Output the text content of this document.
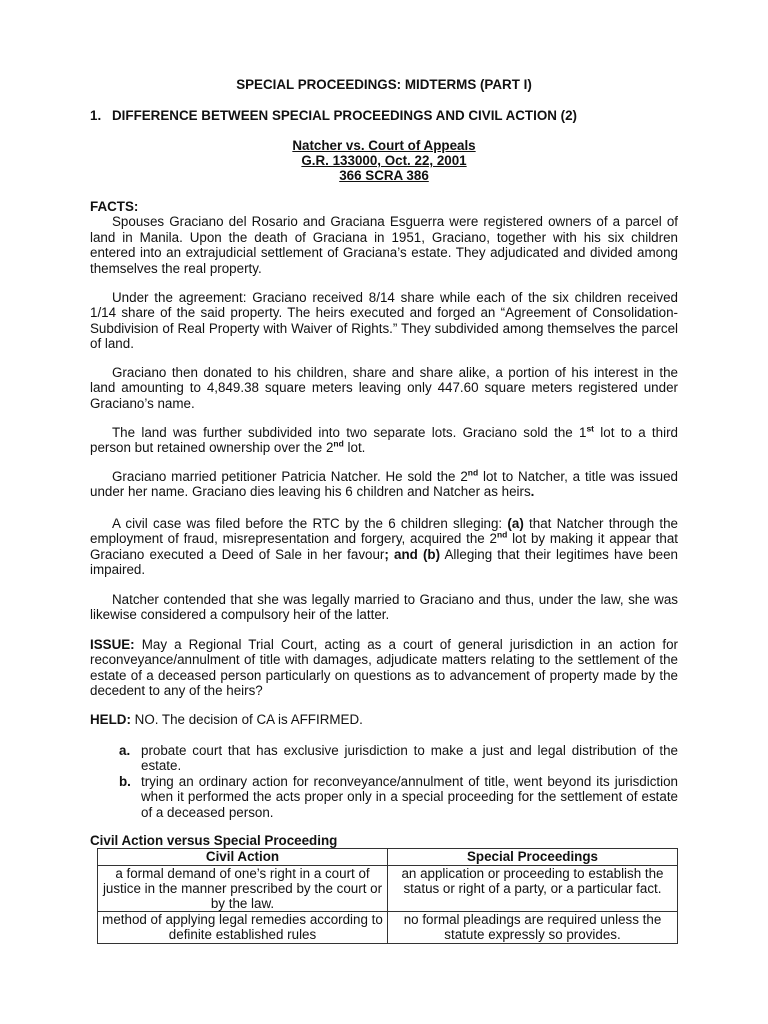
SPECIAL PROCEEDINGS: MIDTERMS (PART I)
1. DIFFERENCE BETWEEN SPECIAL PROCEEDINGS AND CIVIL ACTION (2)
Natcher vs. Court of Appeals
G.R. 133000, Oct. 22, 2001
366 SCRA 386
FACTS:

Spouses Graciano del Rosario and Graciana Esguerra were registered owners of a parcel of land in Manila. Upon the death of Graciana in 1951, Graciano, together with his six children entered into an extrajudicial settlement of Graciana’s estate. They adjudicated and divided among themselves the real property.

Under the agreement: Graciano received 8/14 share while each of the six children received 1/14 share of the said property. The heirs executed and forged an “Agreement of Consolidation-Subdivision of Real Property with Waiver of Rights.” They subdivided among themselves the parcel of land.

Graciano then donated to his children, share and share alike, a portion of his interest in the land amounting to 4,849.38 square meters leaving only 447.60 square meters registered under Graciano’s name.

The land was further subdivided into two separate lots. Graciano sold the 1st lot to a third person but retained ownership over the 2nd lot.

Graciano married petitioner Patricia Natcher. He sold the 2nd lot to Natcher, a title was issued under her name. Graciano dies leaving his 6 children and Natcher as heirs.

A civil case was filed before the RTC by the 6 children slleging: (a) that Natcher through the employment of fraud, misrepresentation and forgery, acquired the 2nd lot by making it appear that Graciano executed a Deed of Sale in her favour; and (b) Alleging that their legitimes have been impaired.

Natcher contended that she was legally married to Graciano and thus, under the law, she was likewise considered a compulsory heir of the latter.

ISSUE: May a Regional Trial Court, acting as a court of general jurisdiction in an action for reconveyance/annulment of title with damages, adjudicate matters relating to the settlement of the estate of a deceased person particularly on questions as to advancement of property made by the decedent to any of the heirs?

HELD: NO. The decision of CA is AFFIRMED.

a. probate court that has exclusive jurisdiction to make a just and legal distribution of the estate.
b. trying an ordinary action for reconveyance/annulment of title, went beyond its jurisdiction when it performed the acts proper only in a special proceeding for the settlement of estate of a deceased person.
Civil Action versus Special Proceeding
Civil Action	Special Proceedings
a formal demand of one’s right in a court of justice in the manner prescribed by the court or by the law.	an application or proceeding to establish the status or right of a party, or a particular fact.
method of applying legal remedies according to definite established rules	no formal pleadings are required unless the statute expressly so provides.
